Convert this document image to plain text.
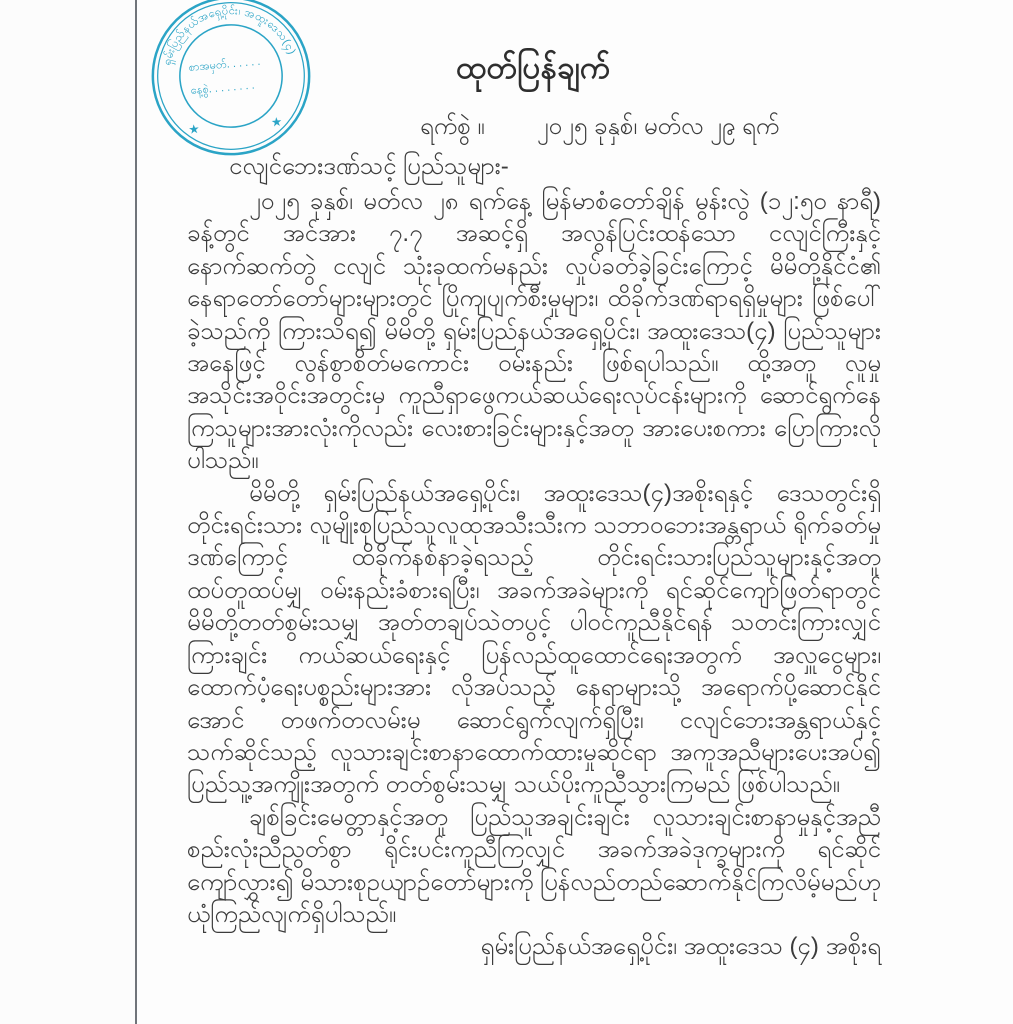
ရှမ်းပြည်နယ်အရှေ့ပိုင်း၊ အထူးဒေသ(၄)
စာအမှတ်. . . . . .
နေ့စွဲ. . . . . . . .
★	★
ထုတ်ပြန်ချက်
ရက်စွဲ ။ ၂၀၂၅ ခုနှစ်၊ မတ်လ ၂၉ ရက်
ငလျင်ဘေးဒဏ်သင့် ပြည်သူများ-

၂၀၂၅ ခုနှစ်၊ မတ်လ ၂၈ ရက်နေ့ မြန်မာစံတော်ချိန် မွန်းလွဲ (၁၂:၅၀ နာရီ) ခန့်တွင် အင်အား ၇.၇ အဆင့်ရှိ အလွန်ပြင်းထန်သော ငလျင်ကြီးနှင့် နောက်ဆက်တွဲ ငလျင် သုံးခုထက်မနည်း လှုပ်ခတ်ခဲ့ခြင်းကြောင့် မိမိတို့နိုင်ငံ၏ နေရာတော်တော်များများတွင် ပြိုကျပျက်စီးမှုများ၊ ထိခိုက်ဒဏ်ရာရရှိမှုများ ဖြစ်ပေါ်ခဲ့သည်ကို ကြားသိရ၍ မိမိတို့ ရှမ်းပြည်နယ်အရှေ့ပိုင်း၊ အထူးဒေသ(၄) ပြည်သူများအနေဖြင့် လွန်စွာစိတ်မကောင်း ဝမ်းနည်း ဖြစ်ရပါသည်။ ထို့အတူ လူမှုအသိုင်းအဝိုင်းအတွင်းမှ ကူညီရှာဖွေကယ်ဆယ်ရေးလုပ်ငန်းများကို ဆောင်ရွက်နေကြသူများအားလုံးကိုလည်း လေးစားခြင်းများနှင့်အတူ အားပေးစကား ပြောကြားလိုပါသည်။

မိမိတို့ ရှမ်းပြည်နယ်အရှေ့ပိုင်း၊ အထူးဒေသ(၄)အစိုးရနှင့် ဒေသတွင်းရှိ တိုင်းရင်းသား လူမျိုးစုပြည်သူလူထုအသီးသီးက သဘာဝဘေးအန္တရာယ် ရိုက်ခတ်မှုဒဏ်ကြောင့် ထိခိုက်နစ်နာခဲ့ရသည့် တိုင်းရင်းသားပြည်သူများနှင့်အတူ ထပ်တူထပ်မျှ ဝမ်းနည်းခံစားရပြီး၊ အခက်အခဲများကို ရင်ဆိုင်ကျော်ဖြတ်ရာတွင် မိမိတို့တတ်စွမ်းသမျှ အုတ်တချပ်သဲတပွင့် ပါဝင်ကူညီနိုင်ရန် သတင်းကြားလျှင်ကြားချင်း ကယ်ဆယ်ရေးနှင့် ပြန်လည်ထူထောင်ရေးအတွက် အလှူငွေများ၊ ထောက်ပံ့ရေးပစ္စည်းများအား လိုအပ်သည့် နေရာများသို့ အရောက်ပို့ဆောင်နိုင်အောင် တဖက်တလမ်းမှ ဆောင်ရွက်လျက်ရှိပြီး၊ ငလျင်ဘေးအန္တရာယ်နှင့် သက်ဆိုင်သည့် လူသားချင်းစာနာထောက်ထားမှုဆိုင်ရာ အကူအညီများပေးအပ်၍ ပြည်သူ့အကျိုးအတွက် တတ်စွမ်းသမျှ သယ်ပိုးကူညီသွားကြမည် ဖြစ်ပါသည်။

ချစ်ခြင်းမေတ္တာနှင့်အတူ ပြည်သူအချင်းချင်း လူသားချင်းစာနာမှုနှင့်အညီ စည်းလုံးညီညွတ်စွာ ရိုင်းပင်းကူညီကြလျှင် အခက်အခဲဒုက္ခများကို ရင်ဆိုင်ကျော်လွှား၍ မိသားစုဥယျာဉ်တော်များကို ပြန်လည်တည်ဆောက်နိုင်ကြလိမ့်မည်ဟု ယုံကြည်လျက်ရှိပါသည်။

ရှမ်းပြည်နယ်အရှေ့ပိုင်း၊ အထူးဒေသ (၄) အစိုးရ
